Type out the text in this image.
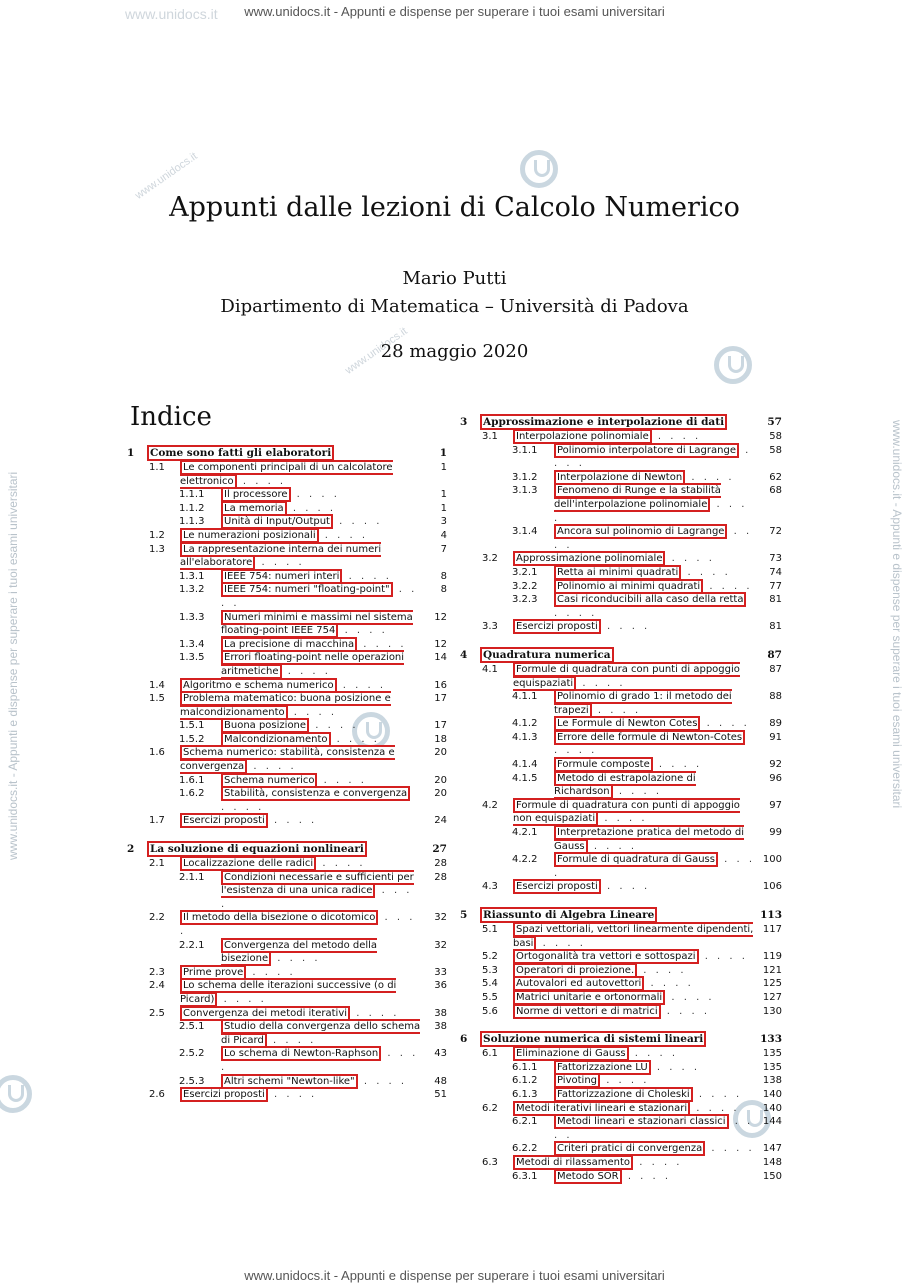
www.unidocs.it - Appunti e dispense per superare i tuoi esami universitari
www.unidocs.it - Appunti e dispense per superare i tuoi esami universitari
www.unidocs.it - Appunti e dispense per superare i tuoi esami universitari	www.unidocs.it - Appunti e dispense per superare i tuoi esami universitari
www.unidocs.it
www.unidocs.it
www.unidocs.it
Appunti dalle lezioni di Calcolo Numerico
Mario Putti
Dipartimento di Matematica – Università di Padova
28 maggio 2020
Indice
1	Come sono fatti gli elaboratori	1
1.1	Le componenti principali di un calcolatore elettronico . . . .
1
1.1.1	Il processore . . . .	1
1.1.2	La memoria . . . .	1
1.1.3	Unità di Input/Output . . . .	3
1.2	Le numerazioni posizionali . . . .	4
1.3	La rappresentazione interna dei numeri all'elaboratore . . . .
7
1.3.1	IEEE 754: numeri interi . . . .	8
1.3.2	IEEE 754: numeri "floating-point" . . . .
8
1.3.3	Numeri minimi e massimi nel sistema floating-point IEEE 754 . . . .
12
1.3.4	La precisione di macchina . . . .	12
1.3.5	Errori floating-point nelle operazioni aritmetiche . . . .
14
1.4	Algoritmo e schema numerico . . . .	16
1.5	Problema matematico: buona posizione e malcondizionamento . . . .
17
1.5.1	Buona posizione . . . .	17
1.5.2	Malcondizionamento . . . .	18
1.6	Schema numerico: stabilità, consistenza e convergenza . . . .
20
1.6.1	Schema numerico . . . .	20
1.6.2	Stabilità, consistenza e convergenza . . . .
20
1.7	Esercizi proposti . . . .	24
2	La soluzione di equazioni nonlineari	27
2.1	Localizzazione delle radici . . . .	28
2.1.1	Condizioni necessarie e sufficienti per l'esistenza di una unica radice . . . .
28
2.2	Il metodo della bisezione o dicotomico . . . .
32
2.2.1	Convergenza del metodo della bisezione . . . .
32
2.3	Prime prove . . . .	33
2.4	Lo schema delle iterazioni successive (o di Picard) . . . .
36
2.5	Convergenza dei metodi iterativi . . . .	38
2.5.1	Studio della convergenza dello schema di Picard . . . .
38
2.5.2	Lo schema di Newton-Raphson . . . .
43
2.5.3	Altri schemi "Newton-like" . . . .	48
2.6	Esercizi proposti . . . .	51
3	Approssimazione e interpolazione di dati	57
3.1	Interpolazione polinomiale . . . .	58
3.1.1	Polinomio interpolatore di Lagrange . . . .
58
3.1.2	Interpolazione di Newton . . . .	62
3.1.3	Fenomeno di Runge e la stabilità dell'interpolazione polinomiale . . . .
68
3.1.4	Ancora sul polinomio di Lagrange . . . .
72
3.2	Approssimazione polinomiale . . . .	73
3.2.1	Retta ai minimi quadrati . . . .	74
3.2.2	Polinomio ai minimi quadrati . . . .	77
3.2.3	Casi riconducibili alla caso della retta . . . .
81
3.3	Esercizi proposti . . . .	81
4	Quadratura numerica	87
4.1	Formule di quadratura con punti di appoggio equispaziati . . . .
87
4.1.1	Polinomio di grado 1: il metodo dei trapezi . . . .
88
4.1.2	Le Formule di Newton Cotes . . . .	89
4.1.3	Errore delle formule di Newton-Cotes . . . .
91
4.1.4	Formule composte . . . .	92
4.1.5	Metodo di estrapolazione di Richardson . . . .
96
4.2	Formule di quadratura con punti di appoggio non equispaziati . . . .
97
4.2.1	Interpretazione pratica del metodo di Gauss . . . .
99
4.2.2	Formule di quadratura di Gauss . . . .
100
4.3	Esercizi proposti . . . .	106
5	Riassunto di Algebra Lineare	113
5.1	Spazi vettoriali, vettori linearmente dipendenti, basi . . . .
117
5.2	Ortogonalità tra vettori e sottospazi . . . .	119
5.3	Operatori di proiezione. . . . .	121
5.4	Autovalori ed autovettori . . . .	125
5.5	Matrici unitarie e ortonormali . . . .	127
5.6	Norme di vettori e di matrici . . . .	130
6	Soluzione numerica di sistemi lineari	133
6.1	Eliminazione di Gauss . . . .	135
6.1.1	Fattorizzazione LU . . . .	135
6.1.2	Pivoting . . . .	138
6.1.3	Fattorizzazione di Choleski . . . .	140
6.2	Metodi iterativi lineari e stazionari . . . .	140
6.2.1	Metodi lineari e stazionari classici . . . .
144
6.2.2	Criteri pratici di convergenza . . . . 147
6.3	Metodi di rilassamento . . . .	148
6.3.1	Metodo SOR . . . .	150
